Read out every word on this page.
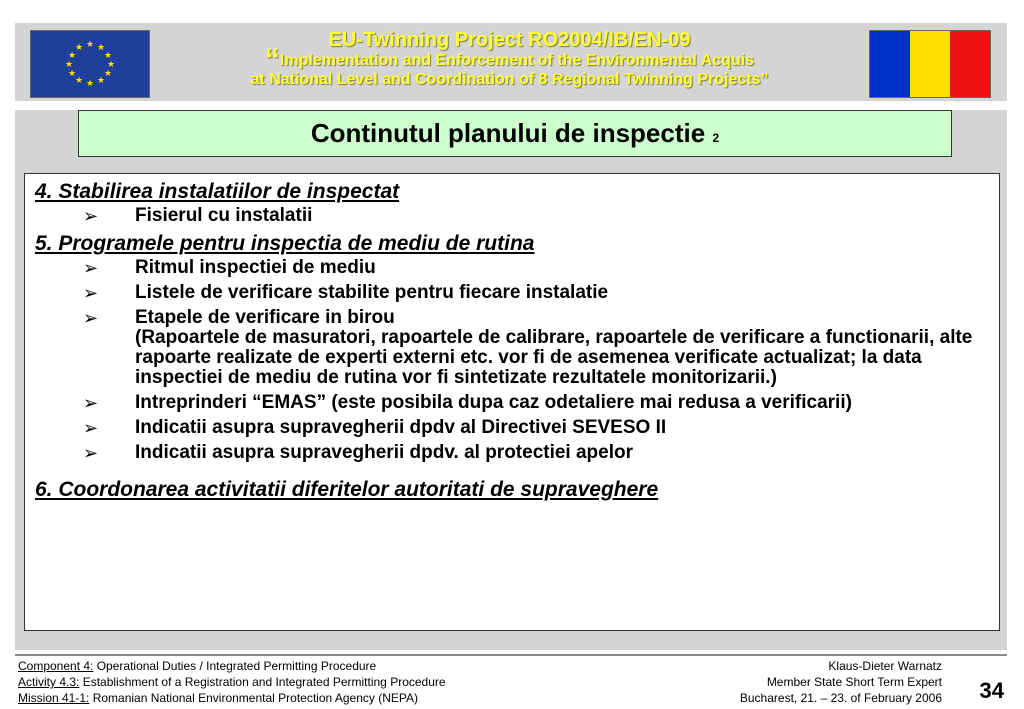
★ ★
★
★
★
★
★
★
★
★
★
★	EU-Twinning Project RO2004/IB/EN-09
“Implementation and Enforcement of the Environmental Acquis
at National Level and Coordination of 8 Regional Twinning Projects”
Continutul planului de inspectie 2

4. Stabilirea instalatiilor de inspectat

➢ Fisierul cu instalatii

5. Programele pentru inspectia de mediu de rutina

➢ Ritmul inspectiei de mediu
➢ Listele de verificare stabilite pentru fiecare instalatie
➢ Etapele de verificare in birou
(Rapoartele de masuratori, rapoartele de calibrare, rapoartele de verificare a functionarii, alte rapoarte realizate de experti externi etc. vor fi de asemenea verificate actualizat; la data inspectiei de mediu de rutina vor fi sintetizate rezultatele monitorizarii.)
➢ Intreprinderi “EMAS” (este posibila dupa caz odetaliere mai redusa a verificarii)
➢ Indicatii asupra supravegherii dpdv al Directivei SEVESO II
➢ Indicatii asupra supravegherii dpdv. al protectiei apelor

6. Coordonarea activitatii diferitelor autoritati de supraveghere

Component 4: Operational Duties / Integrated Permitting Procedure
Activity 4.3: Establishment of a Registration and Integrated Permitting Procedure
Mission 41-1: Romanian National Environmental Protection Agency (NEPA)
Klaus-Dieter Warnatz
Member State Short Term Expert
Bucharest, 21. – 23. of February 2006 34
